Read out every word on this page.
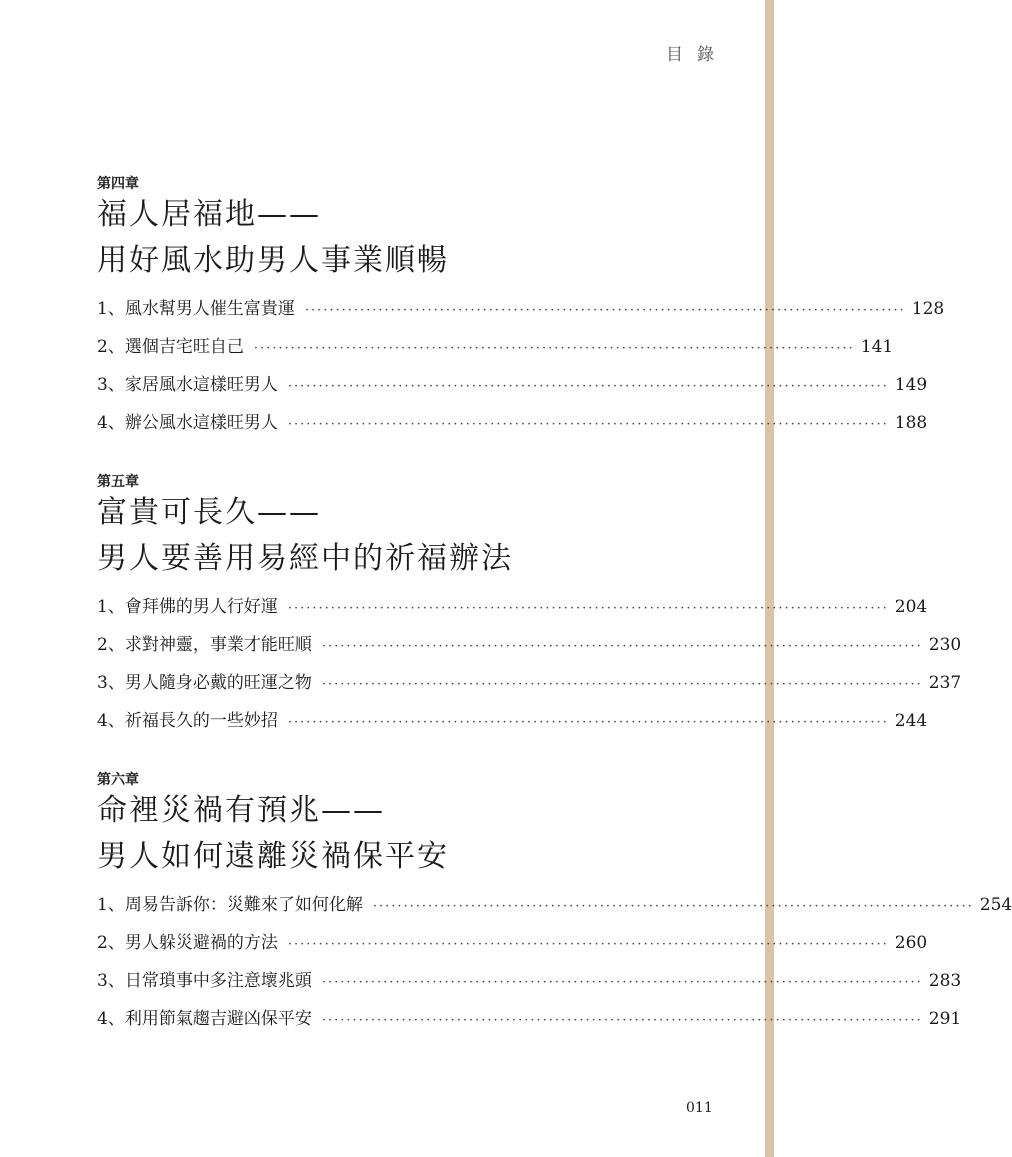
目錄
第四章
福人居福地——
用好風水助男人事業順暢
1、風水幫男人催生富貴運 ·································································································· 128
2、選個吉宅旺自己 ·································································································· 141
3、家居風水這樣旺男人 ·································································································· 149
4、辦公風水這樣旺男人 ·································································································· 188
第五章
富貴可長久——
男人要善用易經中的祈福辦法
1、會拜佛的男人行好運 ·································································································· 204
2、求對神靈，事業才能旺順 ·································································································· 230
3、男人隨身必戴的旺運之物 ·································································································· 237
4、祈福長久的一些妙招 ·································································································· 244
第六章
命裡災禍有預兆——
男人如何遠離災禍保平安
1、周易告訴你：災難來了如何化解 ·································································································· 254
2、男人躲災避禍的方法 ·································································································· 260
3、日常瑣事中多注意壞兆頭 ·································································································· 283
4、利用節氣趨吉避凶保平安 ·································································································· 291
011
